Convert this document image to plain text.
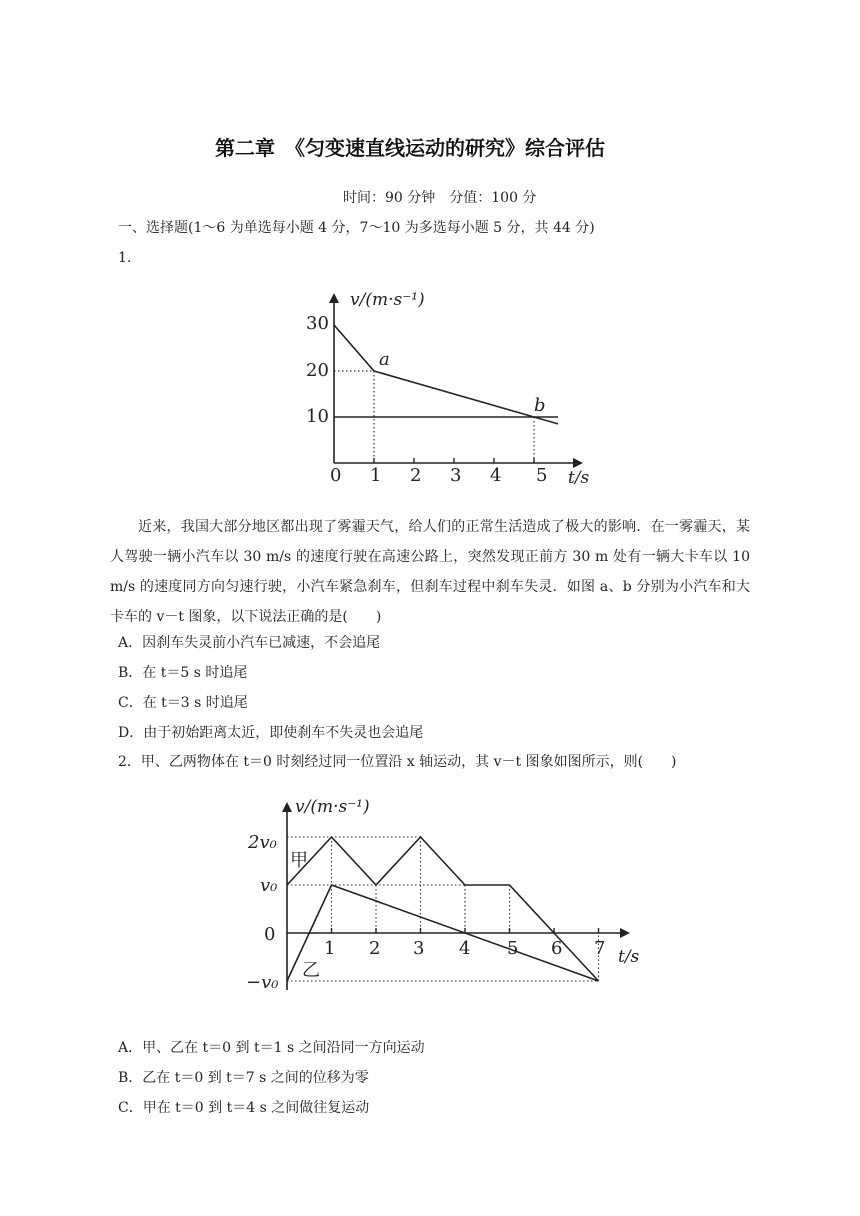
第二章　《匀变速直线运动的研究》综合评估
时间：90 分钟　分值：100 分
一、选择题(1～6 为单选每小题 4 分，7～10 为多选每小题 5 分，共 44 分)
1.
v/(m·s⁻¹)
t/s
30
20
10
0 1 2 3 4 5
a
b
近来，我国大部分地区都出现了雾霾天气，给人们的正常生活造成了极大的影响．在一雾霾天，某人驾驶一辆小汽车以 30 m/s 的速度行驶在高速公路上，突然发现正前方 30 m 处有一辆大卡车以 10 m/s 的速度同方向匀速行驶，小汽车紧急刹车，但刹车过程中刹车失灵．如图 a、b 分别为小汽车和大卡车的 v－t 图象，以下说法正确的是(　　)
A．因刹车失灵前小汽车已减速，不会追尾
B．在 t＝5 s 时追尾
C．在 t＝3 s 时追尾
D．由于初始距离太近，即使刹车不失灵也会追尾
2．甲、乙两物体在 t＝0 时刻经过同一位置沿 x 轴运动，其 v－t 图象如图所示，则(　　)
v/(m·s⁻¹)
t/s
2v₀
v₀
0
−v₀
1 2 3 4 5 6 7
甲
乙
A．甲、乙在 t＝0 到 t＝1 s 之间沿同一方向运动
B．乙在 t＝0 到 t＝7 s 之间的位移为零
C．甲在 t＝0 到 t＝4 s 之间做往复运动
